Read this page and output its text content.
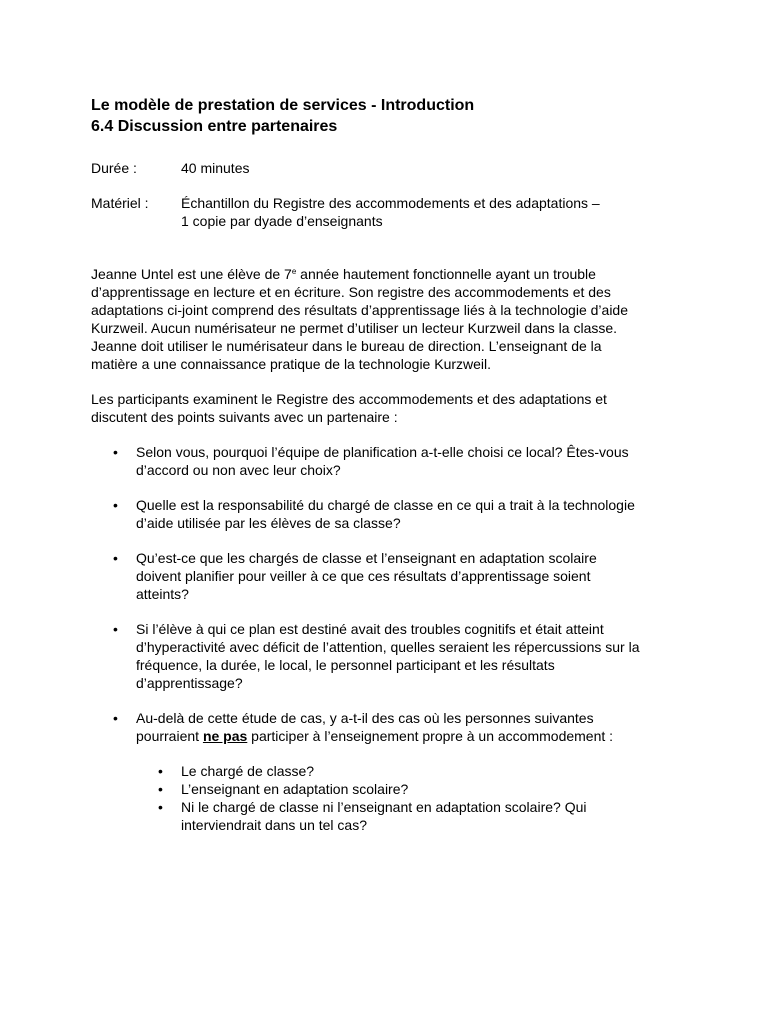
Le modèle de prestation de services - Introduction

6.4 Discussion entre partenaires

Durée :	40 minutes
Matériel :	Échantillon du Registre des accommodements et des adaptations –
1 copie par dyade d’enseignants
Jeanne Untel est une élève de 7e année hautement fonctionnelle ayant un trouble
d’apprentissage en lecture et en écriture. Son registre des accommodements et des
adaptations ci-joint comprend des résultats d’apprentissage liés à la technologie d’aide
Kurzweil. Aucun numérisateur ne permet d’utiliser un lecteur Kurzweil dans la classe.
Jeanne doit utiliser le numérisateur dans le bureau de direction. L’enseignant de la
matière a une connaissance pratique de la technologie Kurzweil.
Les participants examinent le Registre des accommodements et des adaptations et
discutent des points suivants avec un partenaire :
• Selon vous, pourquoi l’équipe de planification a-t-elle choisi ce local? Êtes-vous
d’accord ou non avec leur choix?
• Quelle est la responsabilité du chargé de classe en ce qui a trait à la technologie
d’aide utilisée par les élèves de sa classe?
• Qu’est-ce que les chargés de classe et l’enseignant en adaptation scolaire
doivent planifier pour veiller à ce que ces résultats d’apprentissage soient
atteints?
• Si l’élève à qui ce plan est destiné avait des troubles cognitifs et était atteint
d’hyperactivité avec déficit de l’attention, quelles seraient les répercussions sur la
fréquence, la durée, le local, le personnel participant et les résultats
d’apprentissage?
• Au-delà de cette étude de cas, y a-t-il des cas où les personnes suivantes
pourraient ne pas participer à l’enseignement propre à un accommodement :
• Le chargé de classe?
• L’enseignant en adaptation scolaire?
• Ni le chargé de classe ni l’enseignant en adaptation scolaire? Qui
interviendrait dans un tel cas?
